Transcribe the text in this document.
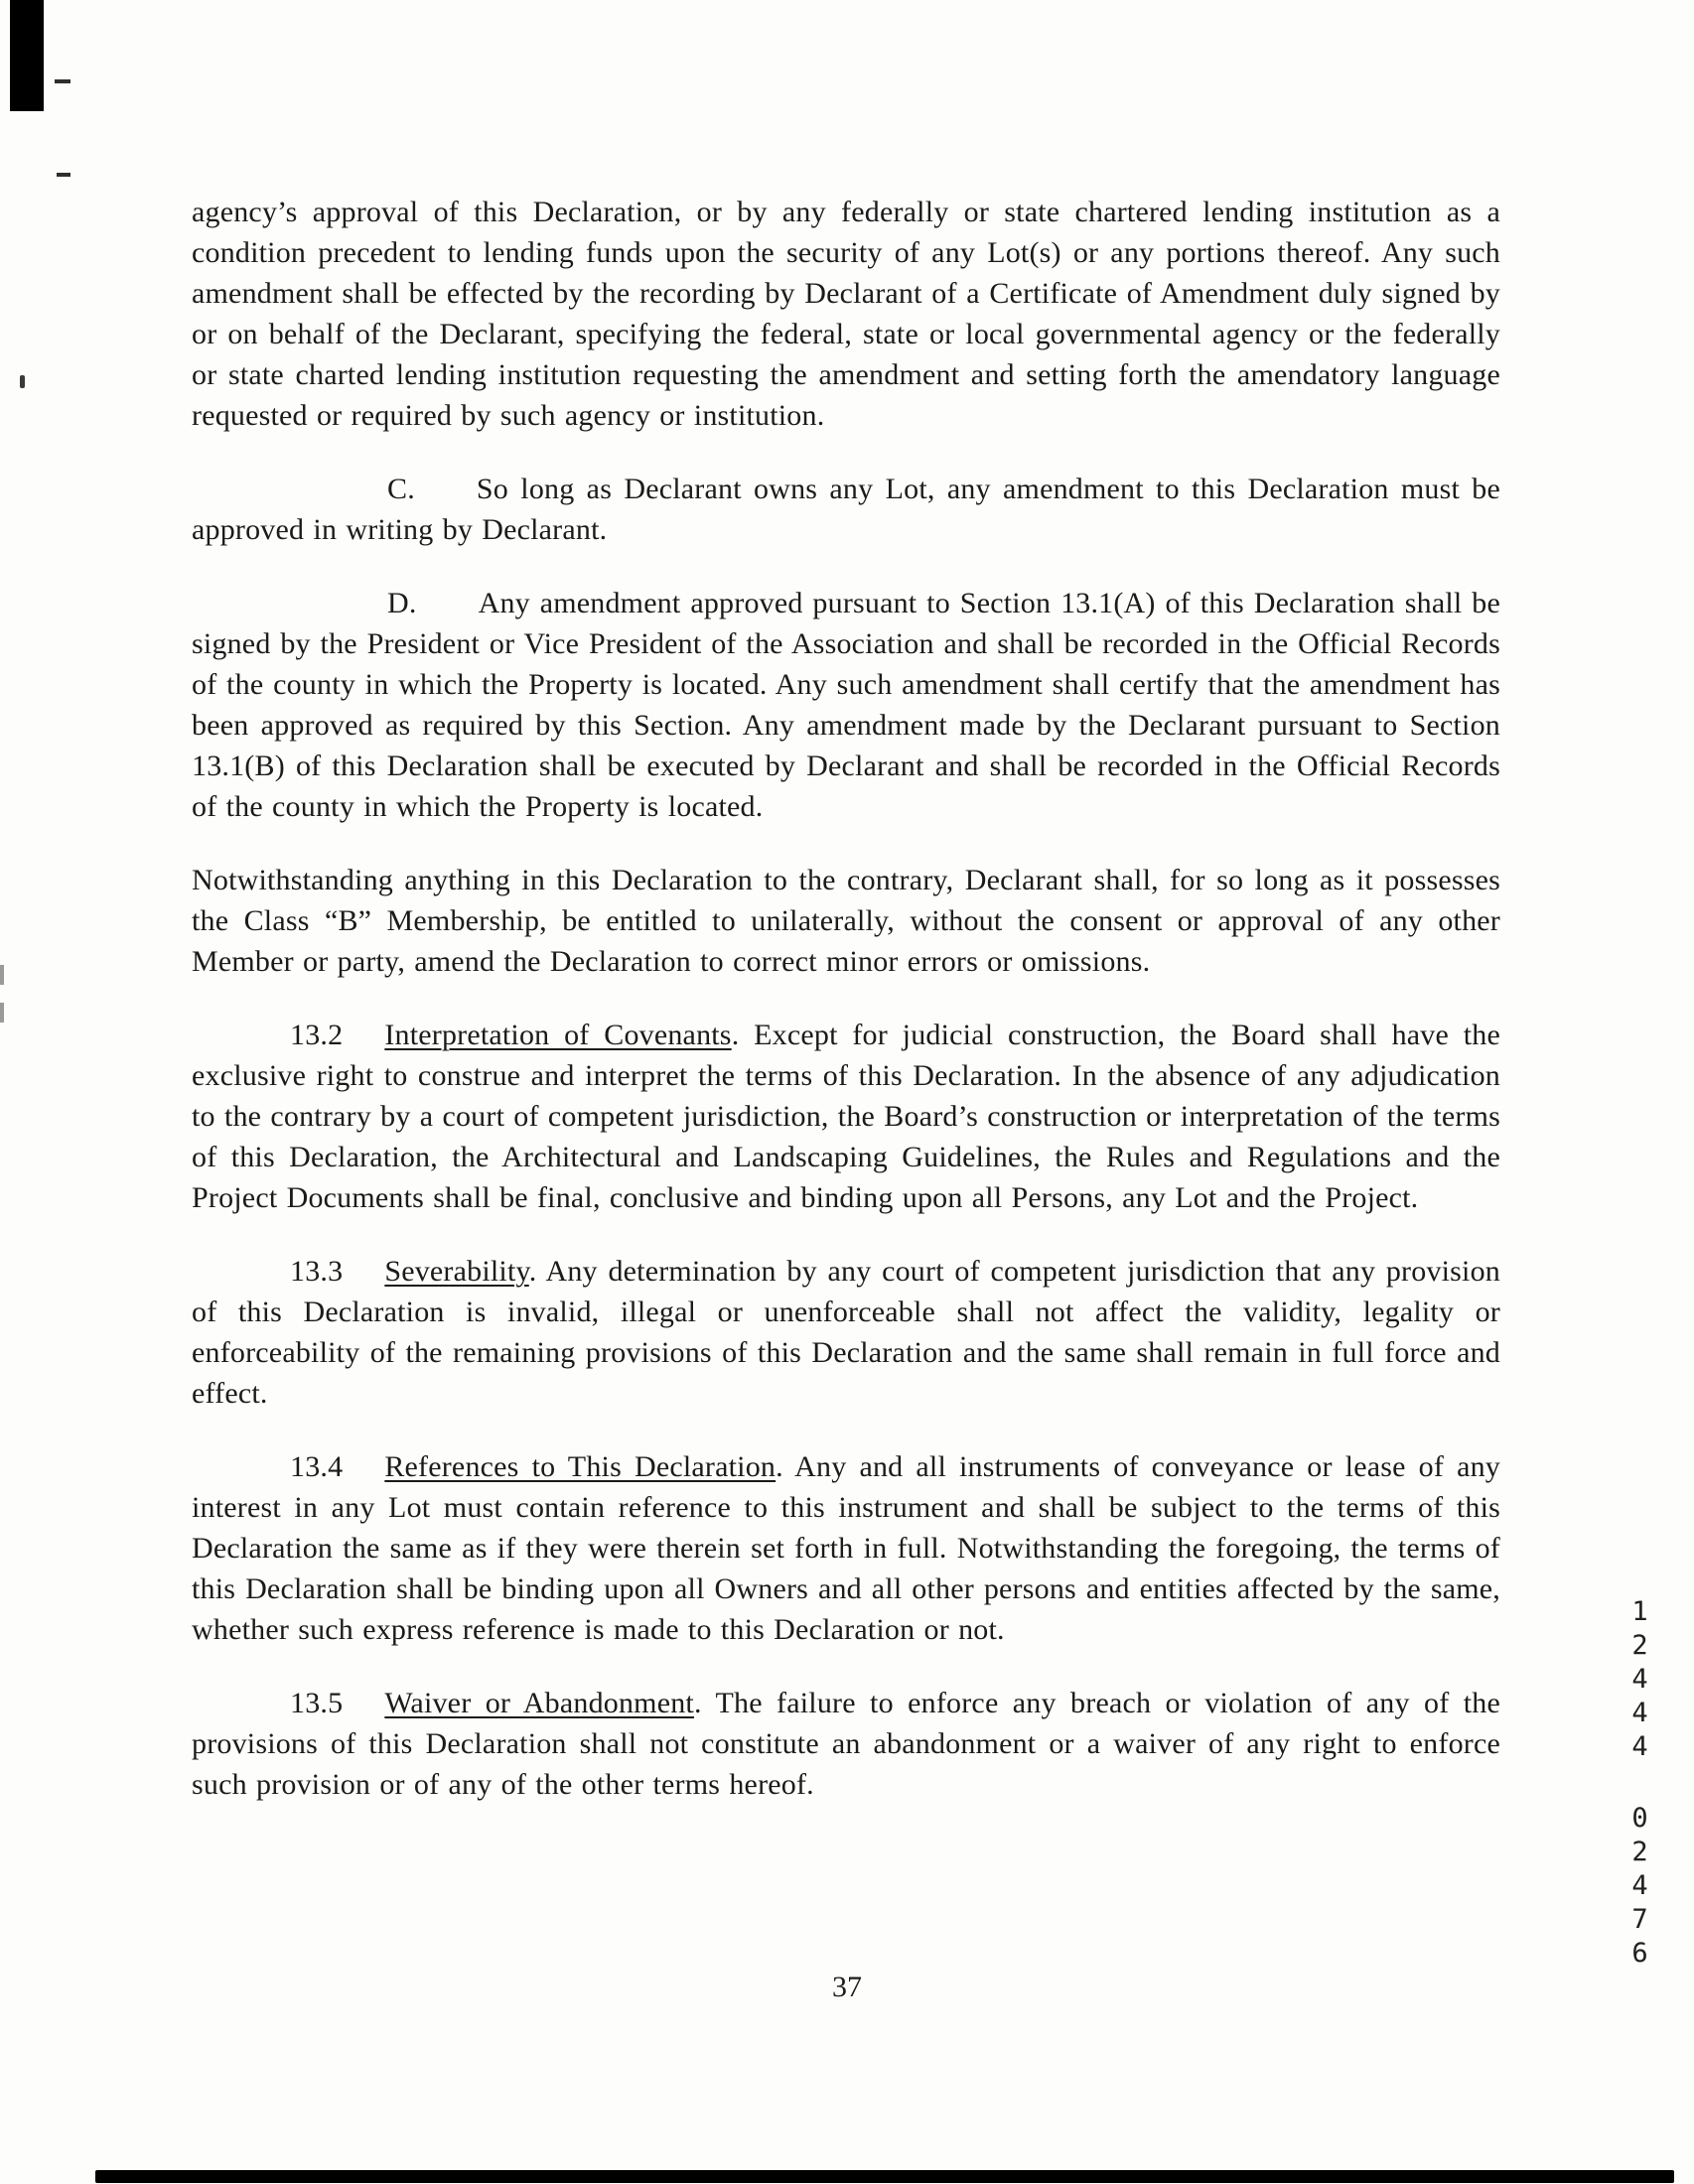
agency’s approval of this Declaration, or by any federally or state chartered lending institution as a condition precedent to lending funds upon the security of any Lot(s) or any portions thereof. Any such amendment shall be effected by the recording by Declarant of a Certificate of Amendment duly signed by or on behalf of the Declarant, specifying the federal, state or local governmental agency or the federally or state charted lending institution requesting the amendment and setting forth the amendatory language requested or required by such agency or institution.

C. So long as Declarant owns any Lot, any amendment to this Declaration must be approved in writing by Declarant.

D. Any amendment approved pursuant to Section 13.1(A) of this Declaration shall be signed by the President or Vice President of the Association and shall be recorded in the Official Records of the county in which the Property is located. Any such amendment shall certify that the amendment has been approved as required by this Section. Any amendment made by the Declarant pursuant to Section 13.1(B) of this Declaration shall be executed by Declarant and shall be recorded in the Official Records of the county in which the Property is located.

Notwithstanding anything in this Declaration to the contrary, Declarant shall, for so long as it possesses the Class “B” Membership, be entitled to unilaterally, without the consent or approval of any other Member or party, amend the Declaration to correct minor errors or omissions.

13.2 Interpretation of Covenants. Except for judicial construction, the Board shall have the exclusive right to construe and interpret the terms of this Declaration. In the absence of any adjudication to the contrary by a court of competent jurisdiction, the Board’s construction or interpretation of the terms of this Declaration, the Architectural and Landscaping Guidelines, the Rules and Regulations and the Project Documents shall be final, conclusive and binding upon all Persons, any Lot and the Project.

13.3 Severability. Any determination by any court of competent jurisdiction that any provision of this Declaration is invalid, illegal or unenforceable shall not affect the validity, legality or enforceability of the remaining provisions of this Declaration and the same shall remain in full force and effect.

13.4 References to This Declaration. Any and all instruments of conveyance or lease of any interest in any Lot must contain reference to this instrument and shall be subject to the terms of this Declaration the same as if they were therein set forth in full. Notwithstanding the foregoing, the terms of this Declaration shall be binding upon all Owners and all other persons and entities affected by the same, whether such express reference is made to this Declaration or not.

13.5 Waiver or Abandonment. The failure to enforce any breach or violation of any of the provisions of this Declaration shall not constitute an abandonment or a waiver of any right to enforce such provision or of any of the other terms hereof.

12444
02476
37
